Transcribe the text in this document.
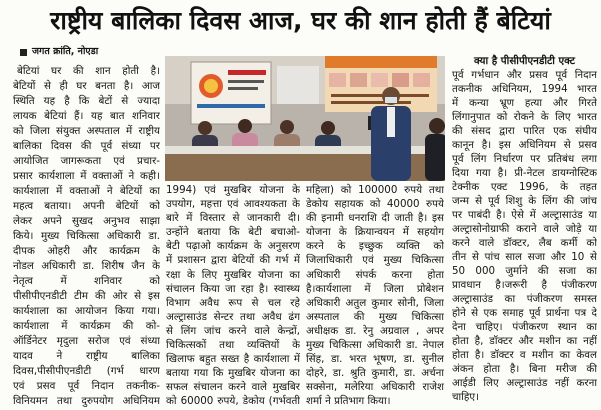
राष्ट्रीय बालिका दिवस आज, घर की शान होती हैं बेटियां
जगत क्रांति, नोएडा
बेटियां घर की शान होती है।
बेटियों से ही घर बनता है। आज
स्थिति यह है कि बेटों से ज्यादा
लायक बेटियां हैं। यह बात शनिवार
को जिला संयुक्त अस्पताल में राष्ट्रीय
बालिका दिवस की पूर्व संध्या पर
आयोजित जागरूकता एवं प्रचार-
प्रसार कार्यशाला में वक्ताओं ने कही।
कार्यशाला में वक्ताओं ने बेटियों का
महत्व बताया। अपनी बेटियों को
लेकर अपने सुखद अनुभव साझा
किये। मुख्य चिकित्सा अधिकारी डा.
दीपक ओहरी और कार्यक्रम के
नोडल अधिकारी डा. शिरीष जैन के
नेतृत्व में शनिवार को
पीसीपीएनडीटी टीम की ओर से इस
कार्यशाला का आयोजन किया गया।
कार्यशाला में कार्यक्रम की को-
ऑर्डिनेटर मृदुला सरोज एवं संध्या
यादव ने राष्ट्रीय बालिका
दिवस,पीसीपीएनडीटी (गर्भ धारण
एवं प्रसव पूर्व निदान तकनीक-
विनियमन तथा दुरुपयोग अधिनियम
1994) एवं मुखबिर योजना के
उपयोग, महत्ता एवं आवश्यकता के
बारे में विस्तार से जानकारी दी।
उन्होंने बताया कि बेटी बचाओ-
बेटी पढ़ाओ कार्यक्रम के अनुसरण
में प्रशासन द्वारा बेटियों की गर्भ में
रक्षा के लिए मुखबिर योजना का
संचालन किया जा रहा है। स्वास्थ्य
विभाग अवैध रूप से चल रहे
अल्ट्रासाउंड सेन्टर तथा अवैध ढंग
से लिंग जांच करने वाले केन्द्रों,
चिकित्सकों तथा व्यक्तियों के
खिलाफ बहुत सख्त है कार्यशाला में
बताया गया कि मुखबिर योजना का
सफल संचालन करने वाले मुखबिर
को 60000 रुपये, डेकोय (गर्भवती
महिला) को 100000 रुपये तथा
डेकोय सहायक को 40000 रुपये
की इनामी धनराशि दी जाती है। इस
योजना के क्रियान्वयन में सहयोग
करने के इच्छुक व्यक्ति को
जिलाधिकारी एवं मुख्य चिकित्सा
अधिकारी संपर्क करना होता
है।कार्यशाला में जिला प्रोबेशन
अधिकारी अतुल कुमार सोनी, जिला
अस्पताल की मुख्य चिकित्सा
अधीक्षक डा. रेनु अग्रवाल , अपर
मुख्य चिकित्सा अधिकारी डा. नेपाल
सिंह, डा. भरत भूषण, डा. सुनील
दोहरे, डा. श्रुति कुमारी, डा. अर्चना
सक्सेना, मलेरिया अधिकारी राजेश
शर्मा ने प्रतिभाग किया।
क्या है पीसीपीएनडीटी एक्ट
पूर्व गर्भधान और प्रसव पूर्व निदान
तकनीक अधिनियम, 1994 भारत
में कन्या भ्रूण हत्या और गिरते
लिंगानुपात को रोकने के लिए भारत
की संसद द्वारा पारित एक संघीय
कानून है। इस अधिनियम से प्रसव
पूर्व लिंग निर्धारण पर प्रतिबंध लगा
दिया गया है। प्री-नेटल डायग्नोस्टिक
टेक्नीक एक्ट 1996, के तहत
जन्म से पूर्व शिशु के लिंग की जांच
पर पाबंदी है। ऐसे में अल्ट्रासाउंड या
अल्ट्रासोनोग्राफी कराने वाले जोड़े या
करने वाले डॉक्टर, लैब कर्मी को
तीन से पांच साल सजा और 10 से
50 000 जुर्माने की सजा का
प्रावधान है।जरूरी है पंजीकरण
अल्ट्रासाउंड का पंजीकरण समस्त
होने से एक समाह पूर्व प्रार्थना पत्र दे
देना चाहिए। पंजीकरण स्थान का
होता है, डॉक्टर और मशीन का नहीं
होता है। डॉक्टर व मशीन का केवल
अंकन होता है। बिना मरीज की
आईडी लिए अल्ट्रासाउंड नहीं करना
चाहिए।
